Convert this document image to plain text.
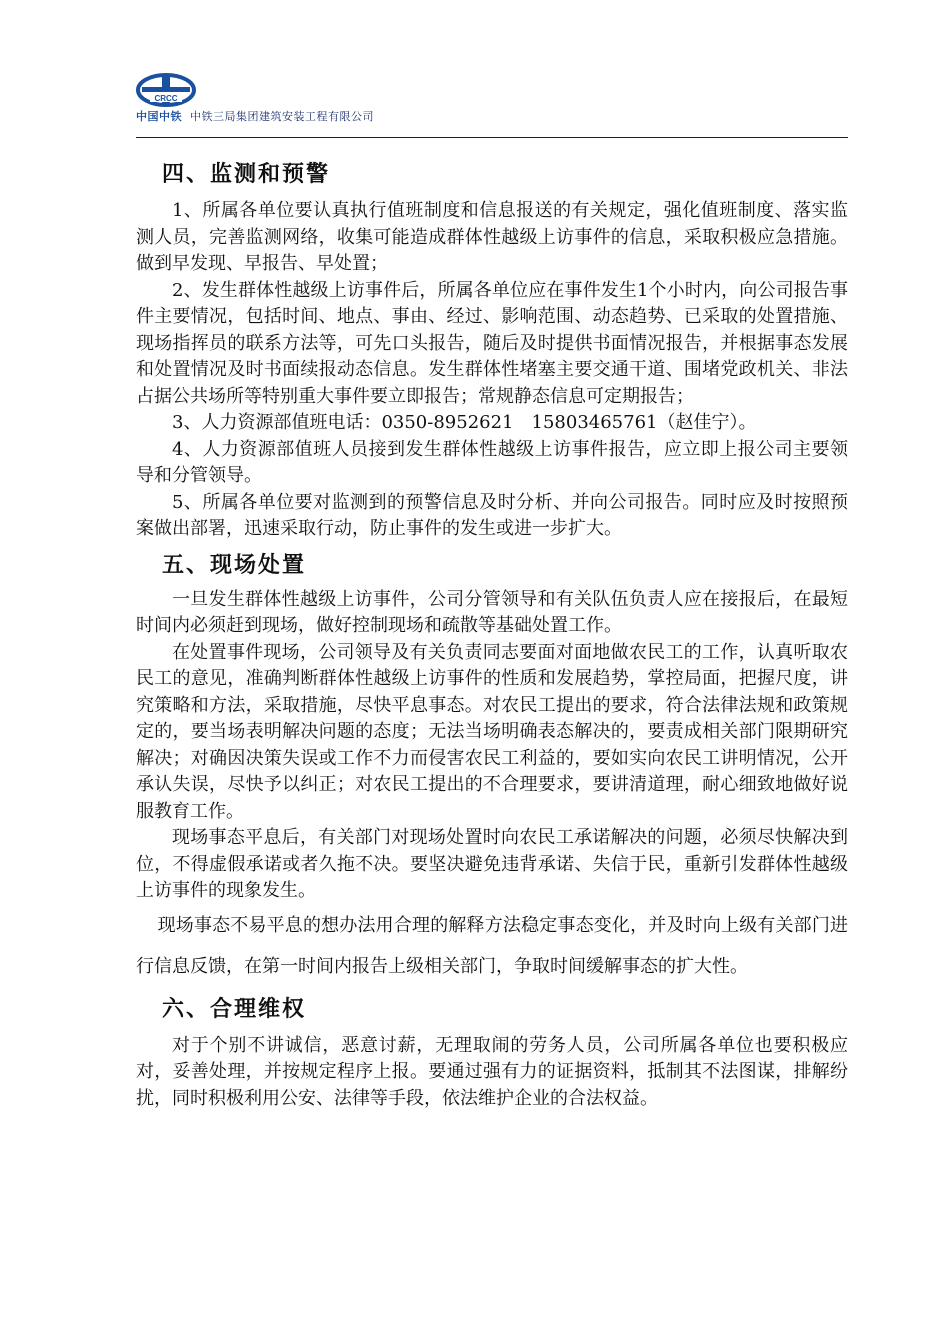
CRCC
中国中铁 中铁三局集团建筑安装工程有限公司
四、监测和预警

1、所属各单位要认真执行值班制度和信息报送的有关规定，强化值班制度、落实监测人员，完善监测网络，收集可能造成群体性越级上访事件的信息，采取积极应急措施。做到早发现、早报告、早处置；

2、发生群体性越级上访事件后，所属各单位应在事件发生1个小时内，向公司报告事件主要情况，包括时间、地点、事由、经过、影响范围、动态趋势、已采取的处置措施、现场指挥员的联系方法等，可先口头报告，随后及时提供书面情况报告，并根据事态发展和处置情况及时书面续报动态信息。发生群体性堵塞主要交通干道、围堵党政机关、非法占据公共场所等特别重大事件要立即报告；常规静态信息可定期报告；

3、人力资源部值班电话：0350-8952621　15803465761（赵佳宁）。

4、人力资源部值班人员接到发生群体性越级上访事件报告，应立即上报公司主要领导和分管领导。

5、所属各单位要对监测到的预警信息及时分析、并向公司报告。同时应及时按照预案做出部署，迅速采取行动，防止事件的发生或进一步扩大。

五、现场处置

一旦发生群体性越级上访事件，公司分管领导和有关队伍负责人应在接报后，在最短时间内必须赶到现场，做好控制现场和疏散等基础处置工作。

在处置事件现场，公司领导及有关负责同志要面对面地做农民工的工作，认真听取农民工的意见，准确判断群体性越级上访事件的性质和发展趋势，掌控局面，把握尺度，讲究策略和方法，采取措施，尽快平息事态。对农民工提出的要求，符合法律法规和政策规定的，要当场表明解决问题的态度；无法当场明确表态解决的，要责成相关部门限期研究解决；对确因决策失误或工作不力而侵害农民工利益的，要如实向农民工讲明情况，公开承认失误，尽快予以纠正；对农民工提出的不合理要求，要讲清道理，耐心细致地做好说服教育工作。

现场事态平息后，有关部门对现场处置时向农民工承诺解决的问题，必须尽快解决到位，不得虚假承诺或者久拖不决。要坚决避免违背承诺、失信于民，重新引发群体性越级上访事件的现象发生。

现场事态不易平息的想办法用合理的解释方法稳定事态变化，并及时向上级有关部门进行信息反馈，在第一时间内报告上级相关部门，争取时间缓解事态的扩大性。

六、合理维权

对于个别不讲诚信，恶意讨薪，无理取闹的劳务人员，公司所属各单位也要积极应对，妥善处理，并按规定程序上报。要通过强有力的证据资料，抵制其不法图谋，排解纷扰，同时积极利用公安、法律等手段，依法维护企业的合法权益。
